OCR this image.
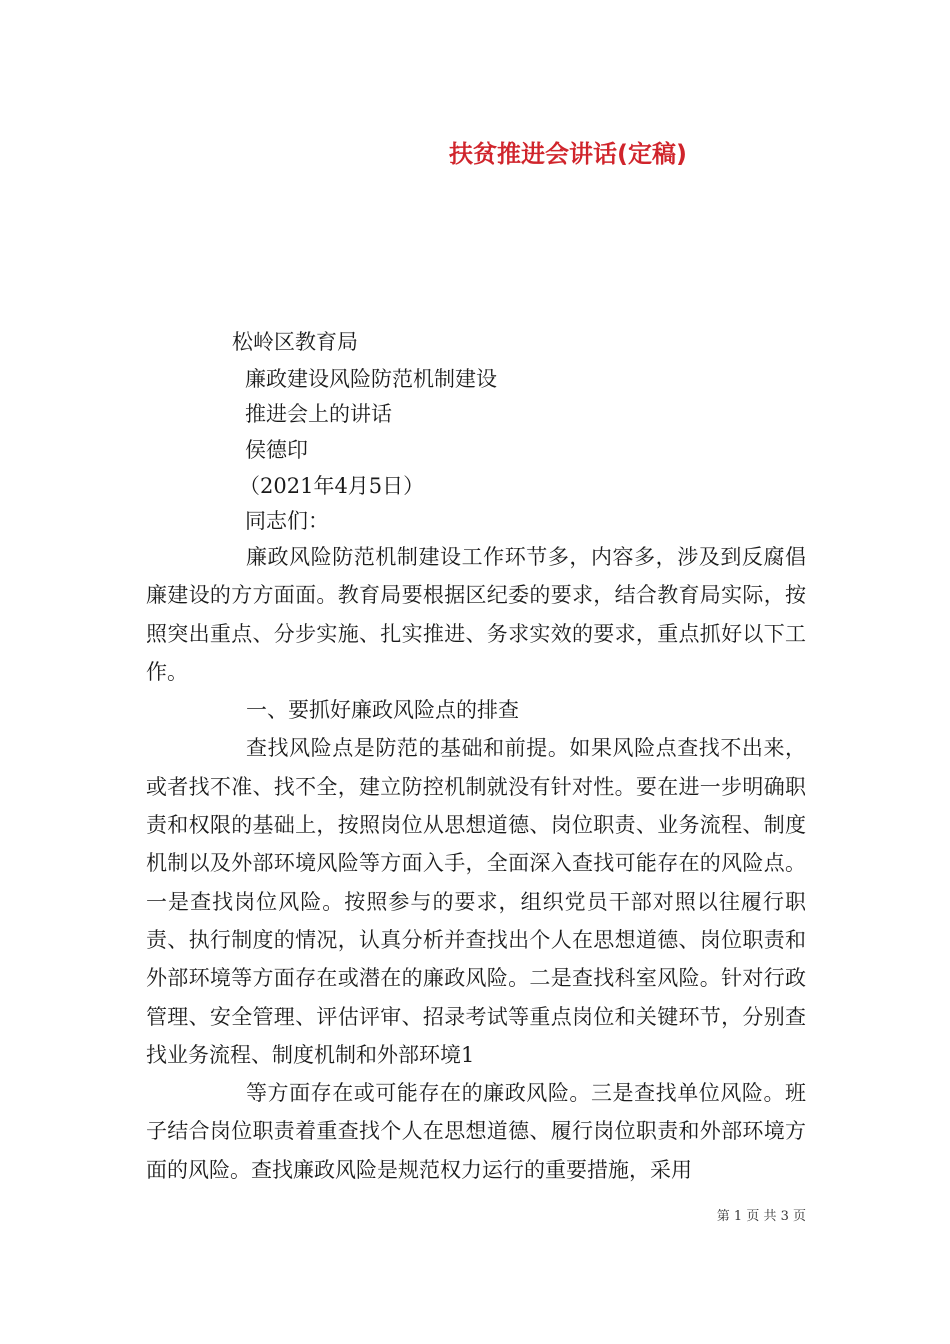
扶贫推进会讲话(定稿)
松岭区教育局
廉政建设风险防范机制建设
推进会上的讲话
侯德印
（2021年4月5日）
同志们：

廉政风险防范机制建设工作环节多，内容多，涉及到反腐倡廉建设的方方面面。教育局要根据区纪委的要求，结合教育局实际，按照突出重点、分步实施、扎实推进、务求实效的要求，重点抓好以下工作。

一、要抓好廉政风险点的排查

查找风险点是防范的基础和前提。如果风险点查找不出来，或者找不准、找不全，建立防控机制就没有针对性。要在进一步明确职责和权限的基础上，按照岗位从思想道德、岗位职责、业务流程、制度机制以及外部环境风险等方面入手，全面深入查找可能存在的风险点。一是查找岗位风险。按照参与的要求，组织党员干部对照以往履行职责、执行制度的情况，认真分析并查找出个人在思想道德、岗位职责和外部环境等方面存在或潜在的廉政风险。二是查找科室风险。针对行政管理、安全管理、评估评审、招录考试等重点岗位和关键环节，分别查找业务流程、制度机制和外部环境1

等方面存在或可能存在的廉政风险。三是查找单位风险。班子结合岗位职责着重查找个人在思想道德、履行岗位职责和外部环境方面的风险。查找廉政风险是规范权力运行的重要措施，采用

第 1 页 共 3 页
